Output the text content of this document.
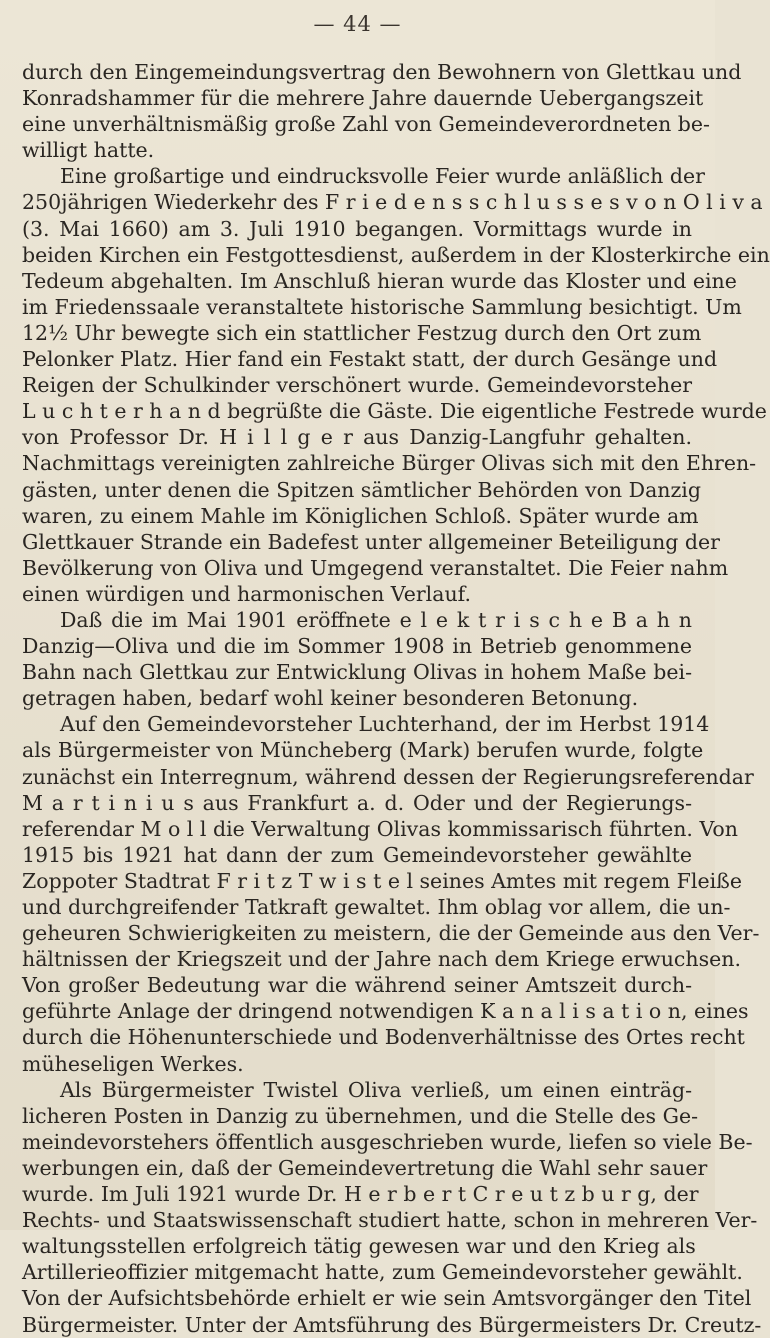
— 44 —
durch den Eingemeindungsvertrag den Bewohnern von Glettkau und
Konradshammer für die mehrere Jahre dauernde Uebergangszeit
eine unverhältnismäßig große Zahl von Gemeindeverordneten be-
willigt hatte.
Eine großartige und eindrucksvolle Feier wurde anläßlich der
250jährigen Wiederkehr des F r i e d e n s s c h l u s s e s v o n O l i v a
(3. Mai 1660) am 3. Juli 1910 begangen. Vormittags wurde in
beiden Kirchen ein Festgottesdienst, außerdem in der Klosterkirche ein
Tedeum abgehalten. Im Anschluß hieran wurde das Kloster und eine
im Friedenssaale veranstaltete historische Sammlung besichtigt. Um
12½ Uhr bewegte sich ein stattlicher Festzug durch den Ort zum
Pelonker Platz. Hier fand ein Festakt statt, der durch Gesänge und
Reigen der Schulkinder verschönert wurde. Gemeindevorsteher
L u c h t e r h a n d begrüßte die Gäste. Die eigentliche Festrede wurde
von Professor Dr. H i l l g e r aus Danzig-Langfuhr gehalten.
Nachmittags vereinigten zahlreiche Bürger Olivas sich mit den Ehren-
gästen, unter denen die Spitzen sämtlicher Behörden von Danzig
waren, zu einem Mahle im Königlichen Schloß. Später wurde am
Glettkauer Strande ein Badefest unter allgemeiner Beteiligung der
Bevölkerung von Oliva und Umgegend veranstaltet. Die Feier nahm
einen würdigen und harmonischen Verlauf.
Daß die im Mai 1901 eröffnete e l e k t r i s c h e B a h n
Danzig—Oliva und die im Sommer 1908 in Betrieb genommene
Bahn nach Glettkau zur Entwicklung Olivas in hohem Maße bei-
getragen haben, bedarf wohl keiner besonderen Betonung.
Auf den Gemeindevorsteher Luchterhand, der im Herbst 1914
als Bürgermeister von Müncheberg (Mark) berufen wurde, folgte
zunächst ein Interregnum, während dessen der Regierungsreferendar
M a r t i n i u s aus Frankfurt a. d. Oder und der Regierungs-
referendar M o l l die Verwaltung Olivas kommissarisch führten. Von
1915 bis 1921 hat dann der zum Gemeindevorsteher gewählte
Zoppoter Stadtrat F r i t z T w i s t e l seines Amtes mit regem Fleiße
und durchgreifender Tatkraft gewaltet. Ihm oblag vor allem, die un-
geheuren Schwierigkeiten zu meistern, die der Gemeinde aus den Ver-
hältnissen der Kriegszeit und der Jahre nach dem Kriege erwuchsen.
Von großer Bedeutung war die während seiner Amtszeit durch-
geführte Anlage der dringend notwendigen K a n a l i s a t i o n, eines
durch die Höhenunterschiede und Bodenverhältnisse des Ortes recht
müheseligen Werkes.
Als Bürgermeister Twistel Oliva verließ, um einen einträg-
licheren Posten in Danzig zu übernehmen, und die Stelle des Ge-
meindevorstehers öffentlich ausgeschrieben wurde, liefen so viele Be-
werbungen ein, daß der Gemeindevertretung die Wahl sehr sauer
wurde. Im Juli 1921 wurde Dr. H e r b e r t C r e u t z b u r g, der
Rechts- und Staatswissenschaft studiert hatte, schon in mehreren Ver-
waltungsstellen erfolgreich tätig gewesen war und den Krieg als
Artillerieoffizier mitgemacht hatte, zum Gemeindevorsteher gewählt.
Von der Aufsichtsbehörde erhielt er wie sein Amtsvorgänger den Titel
Bürgermeister. Unter der Amtsführung des Bürgermeisters Dr. Creutz-
